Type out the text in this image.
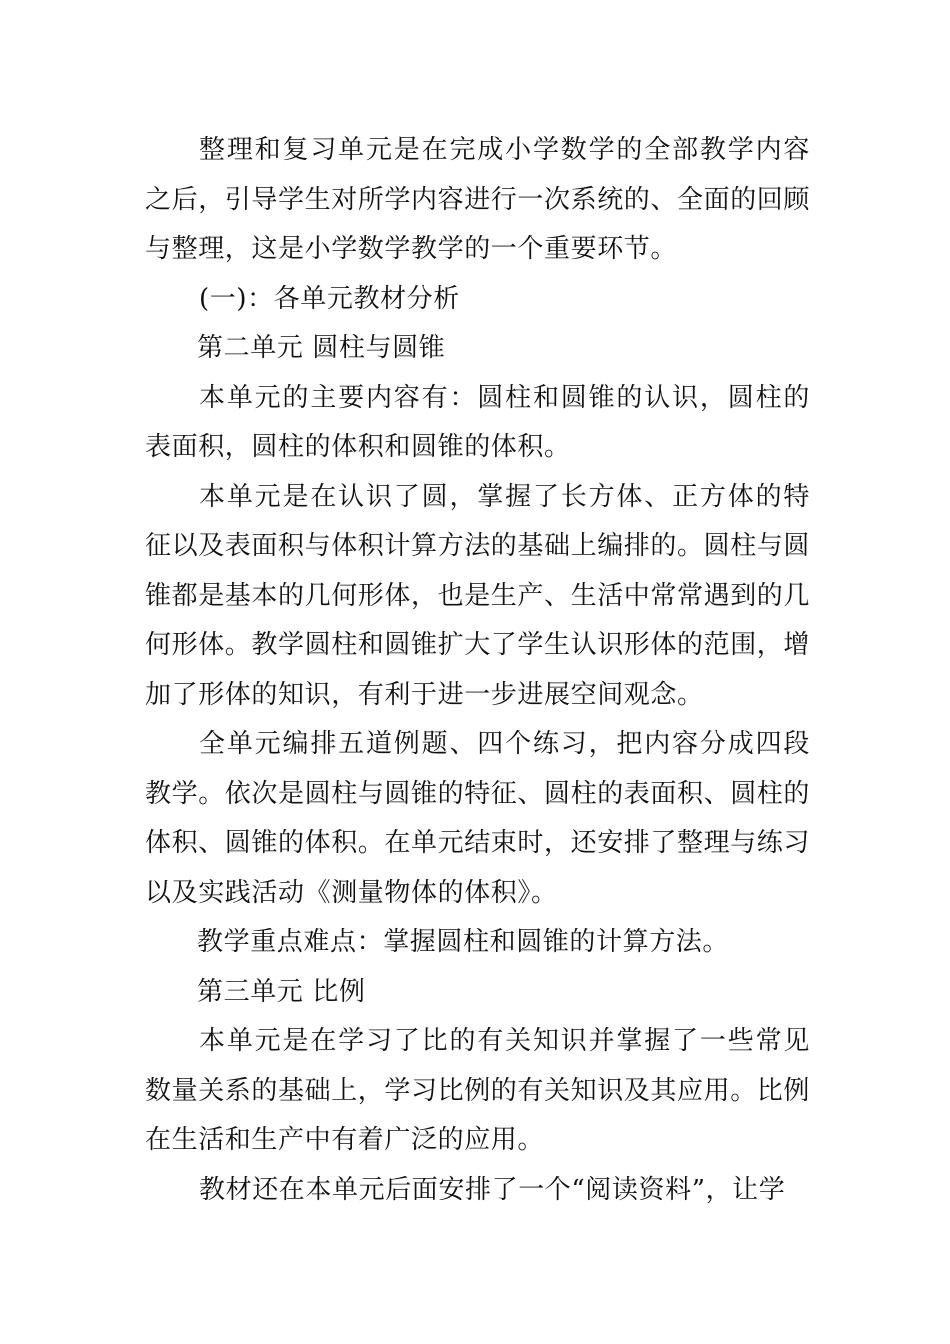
整理和复习单元是在完成小学数学的全部教学内容之后，引导学生对所学内容进行一次系统的、全面的回顾与整理，这是小学数学教学的一个重要环节。

(一)：各单元教材分析

第二单元 圆柱与圆锥

本单元的主要内容有：圆柱和圆锥的认识，圆柱的表面积，圆柱的体积和圆锥的体积。

本单元是在认识了圆，掌握了长方体、正方体的特征以及表面积与体积计算方法的基础上编排的。圆柱与圆锥都是基本的几何形体，也是生产、生活中常常遇到的几何形体。教学圆柱和圆锥扩大了学生认识形体的范围，增加了形体的知识，有利于进一步进展空间观念。

全单元编排五道例题、四个练习，把内容分成四段教学。依次是圆柱与圆锥的特征、圆柱的表面积、圆柱的体积、圆锥的体积。在单元结束时，还安排了整理与练习以及实践活动《测量物体的体积》。

教学重点难点：掌握圆柱和圆锥的计算方法。

第三单元 比例

本单元是在学习了比的有关知识并掌握了一些常见数量关系的基础上，学习比例的有关知识及其应用。比例在生活和生产中有着广泛的应用。

教材还在本单元后面安排了一个“阅读资料”，让学
